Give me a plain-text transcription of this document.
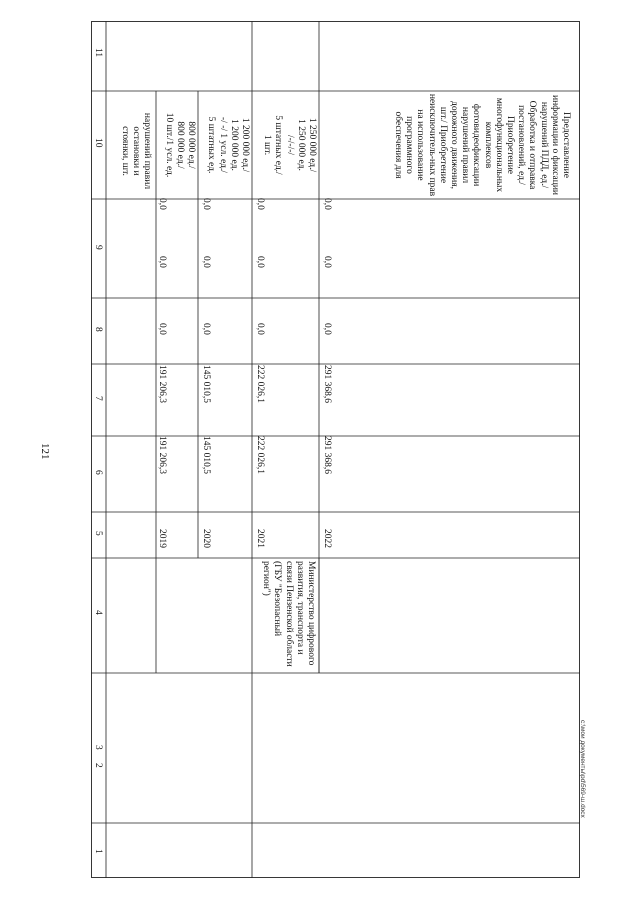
121
c:\мои документы\pd\569-ш.docx
11
10
9
8
7
6
5
4
3
2
1
нарушений правил остановки и стоянки, шт.
Министерство цифрового развития, транспорта и связи Пензенской области (ГБУ "Безопасный регион")
2019
191 206,3
191 206,3
0,0
0,0
0,0
800 000 ед./
800 000 ед./
10 шт./1 усл. ед.
2020
145 010,5
145 010,5
0,0
0,0
0,0
1 200 000 ед./
1 200 000 ед.
-/ -/ 1 усл. ед./
5 штатных ед.
2021
222 026,1
222 026,1
0,0
0,0
0,0
1 250 000 ед./
1 250 000 ед.
/-/-/-/
5 штатных ед./
1 шт.
2022
291 368,6
291 368,6
0,0
0,0
0,0
Предоставление информации о фиксации нарушений ПДД, ед./Обработка и отправка постановлений, ед./Приобретение многофункциональных комплексов фотовидеофиксации нарушений правил дорожного движения, шт./ Приобретение неисключитель-ных прав на использование программного обеспечения для
